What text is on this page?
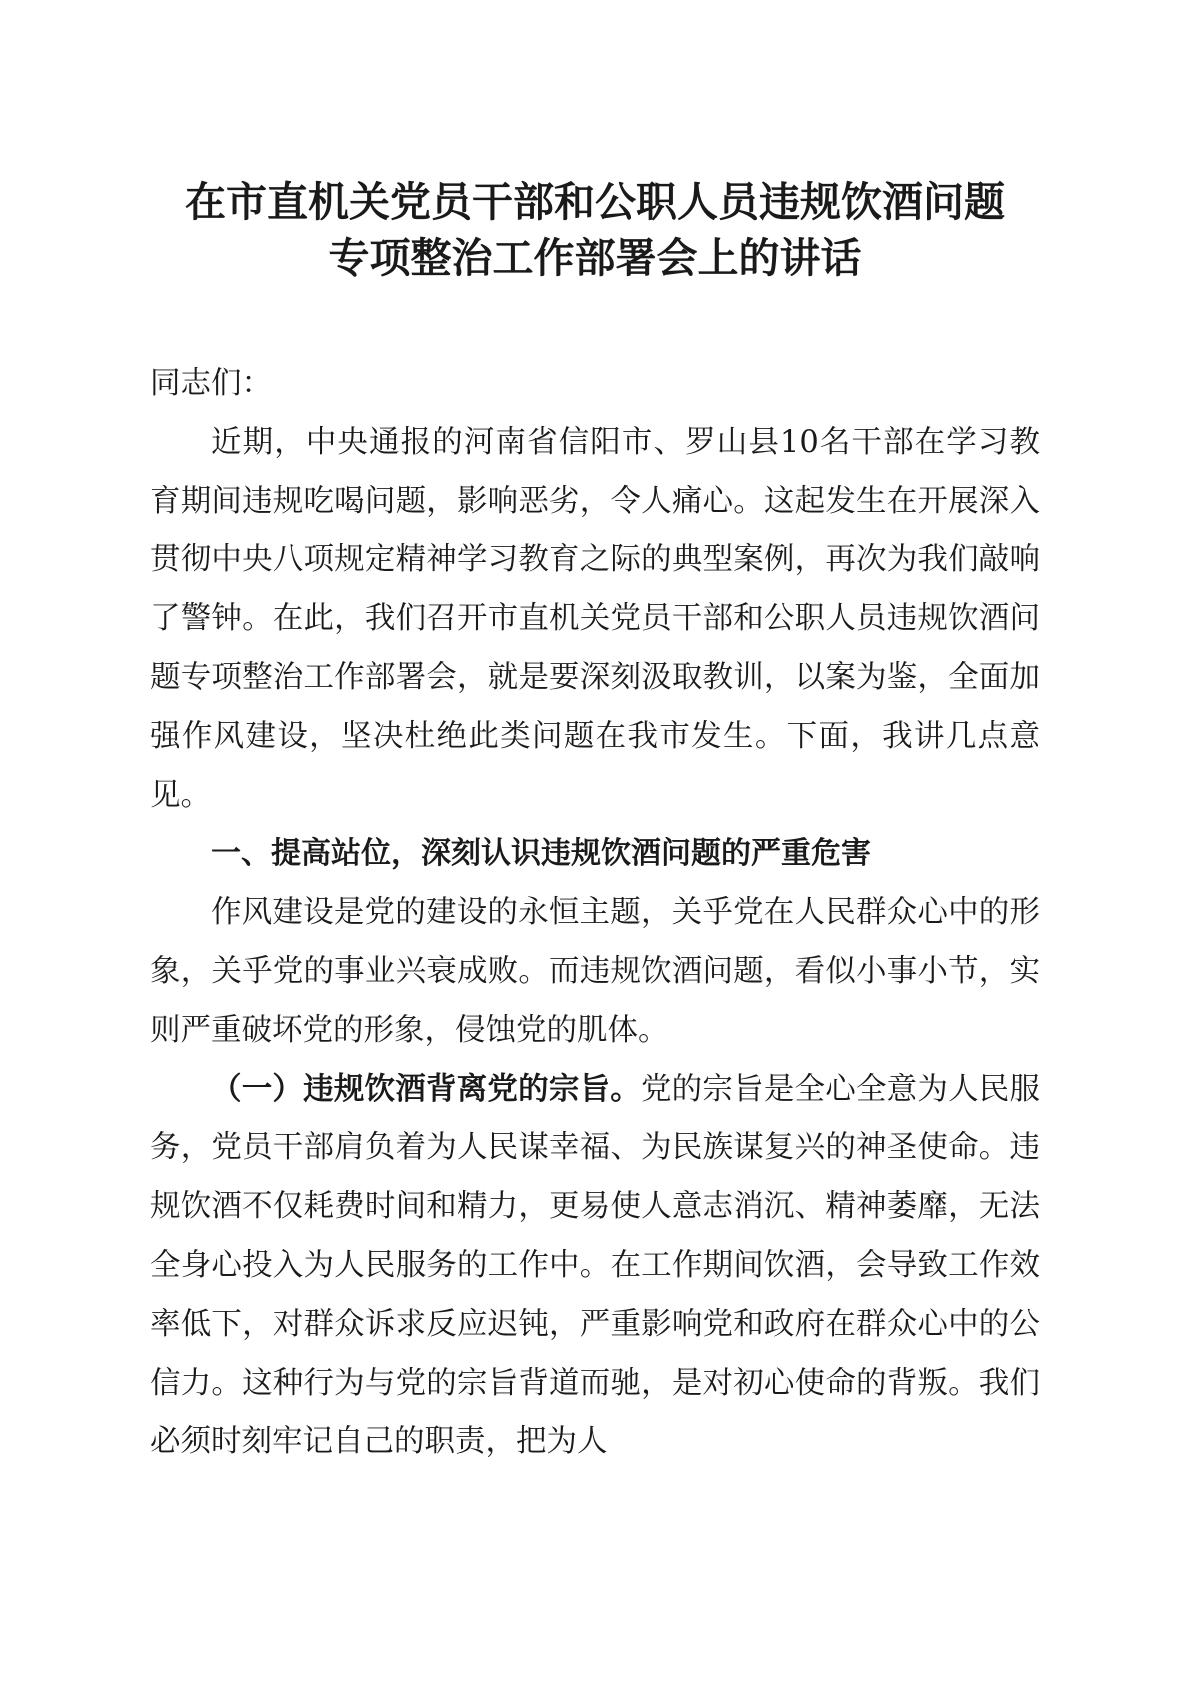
在市直机关党员干部和公职人员违规饮酒问题
专项整治工作部署会上的讲话

同志们：

近期，中央通报的河南省信阳市、罗山县10名干部在学习教育期间违规吃喝问题，影响恶劣，令人痛心。这起发生在开展深入贯彻中央八项规定精神学习教育之际的典型案例，再次为我们敲响了警钟。在此，我们召开市直机关党员干部和公职人员违规饮酒问题专项整治工作部署会，就是要深刻汲取教训，以案为鉴，全面加强作风建设，坚决杜绝此类问题在我市发生。下面，我讲几点意见。

一、提高站位，深刻认识违规饮酒问题的严重危害

作风建设是党的建设的永恒主题，关乎党在人民群众心中的形象，关乎党的事业兴衰成败。而违规饮酒问题，看似小事小节，实则严重破坏党的形象，侵蚀党的肌体。

（一）违规饮酒背离党的宗旨。党的宗旨是全心全意为人民服务，党员干部肩负着为人民谋幸福、为民族谋复兴的神圣使命。违规饮酒不仅耗费时间和精力，更易使人意志消沉、精神萎靡，无法全身心投入为人民服务的工作中。在工作期间饮酒，会导致工作效率低下，对群众诉求反应迟钝，严重影响党和政府在群众心中的公信力。这种行为与党的宗旨背道而驰，是对初心使命的背叛。我们必须时刻牢记自己的职责，把为人
